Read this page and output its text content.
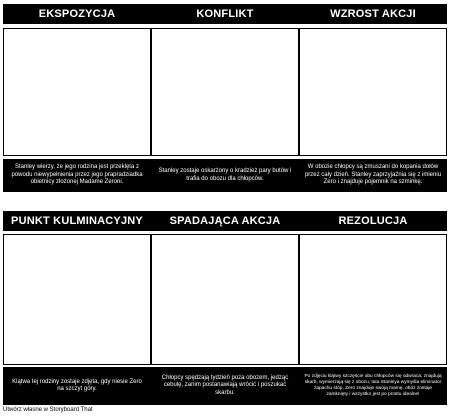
EKSPOZYCJA
Stanley wierzy, że jego rodzina jest przeklęta z powodu niewypełnienia przez jego prapradziadka obietnicy złożonej Madame Zeroni.
KONFLIKT
Stanley zostaje oskarżony o kradzież pary butów i trafia do obozu dla chłopców.
WZROST AKCJI
W obozie chłopcy są zmuszani do kopania dołów przez cały dzień. Stanley zaprzyjaźnia się z imieniu Zero i znajduje pojemnik na szminkę.
PUNKT KULMINACYJNY
Klątwa tej rodziny zostaje zdjęta, gdy niesie Zero na szczyt góry.
SPADAJĄCA AKCJA
Chłopcy spędzają tydzień poza obozem, jedząc cebulę, zanim postanawiają wrócić i poszukać skarbu.
REZOLUCJA
Po zdjęciu klątwy szczęście obu chłopców się odwraca, znajdują skarb, wymierzają się z obozu, tata Stanleya wymyśla eliminator zapachu stóp, Zero znajduje swoją mamę, obóz zostaje zamknięty i wszystko jest po prostu idealne!
Utwórz własne w Storyboard That
